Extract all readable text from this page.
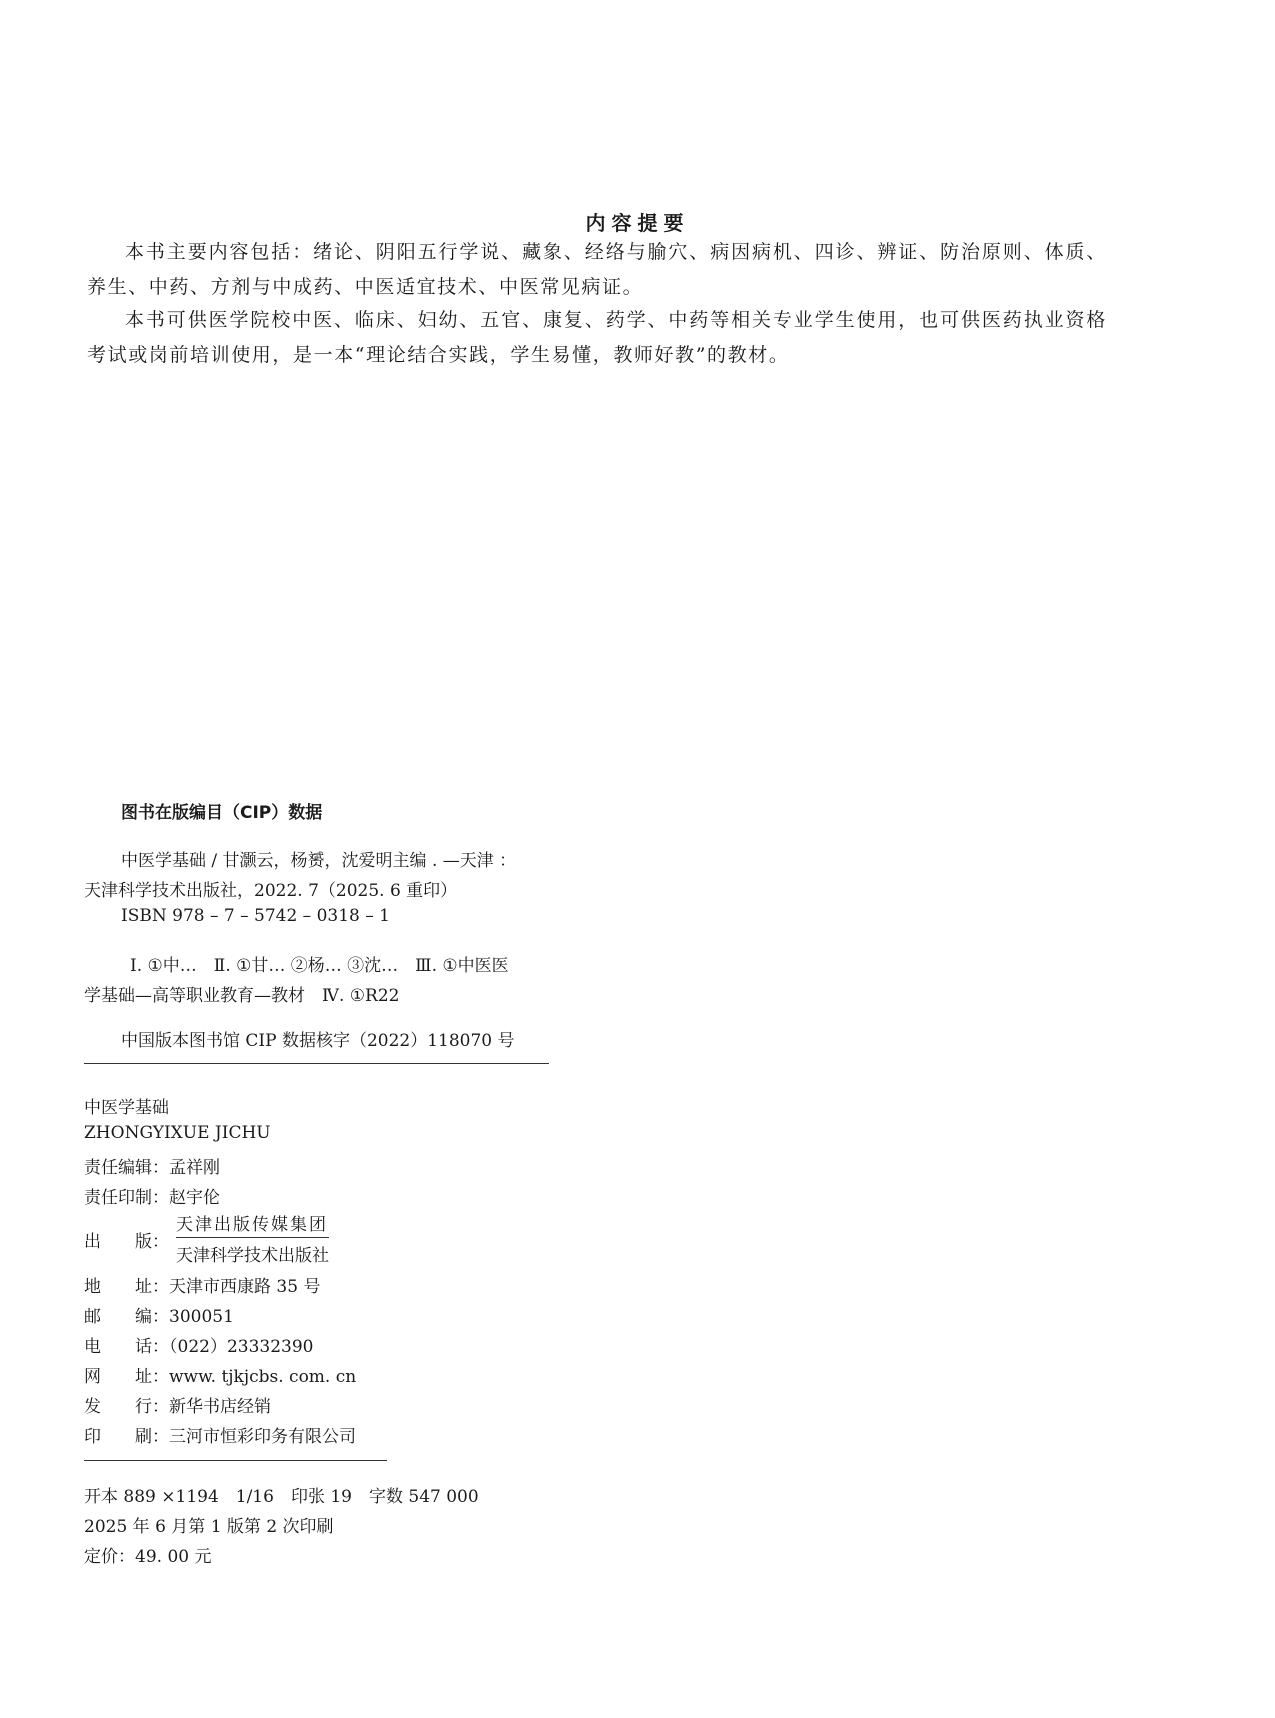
内容提要
本书主要内容包括：绪论、阴阳五行学说、藏象、经络与腧穴、病因病机、四诊、辨证、防治原则、体质、养生、中药、方剂与中成药、中医适宜技术、中医常见病证。
本书可供医学院校中医、临床、妇幼、五官、康复、药学、中药等相关专业学生使用，也可供医药执业资格考试或岗前培训使用，是一本“理论结合实践，学生易懂，教师好教”的教材。
图书在版编目（CIP）数据
中医学基础 / 甘灏云，杨赟，沈爱明主编 . —天津 ：
天津科学技术出版社，2022. 7（2025. 6 重印）
ISBN 978 – 7 – 5742 – 0318 – 1
Ⅰ. ①中…　Ⅱ. ①甘… ②杨… ③沈…　Ⅲ. ①中医医
学基础—高等职业教育—教材　Ⅳ. ①R22
中国版本图书馆 CIP 数据核字（2022）118070 号
中医学基础
ZHONGYIXUE JICHU
责任编辑：孟祥刚
责任印制：赵宇伦
出　　版：
天津出版传媒集团
天津科学技术出版社
地　　址：天津市西康路 35 号
邮　　编：300051
电　　话：（022）23332390
网　　址：www. tjkjcbs. com. cn
发　　行：新华书店经销
印　　刷：三河市恒彩印务有限公司
开本 889 ×1194　1/16　印张 19　字数 547 000
2025 年 6 月第 1 版第 2 次印刷
定价：49. 00 元
